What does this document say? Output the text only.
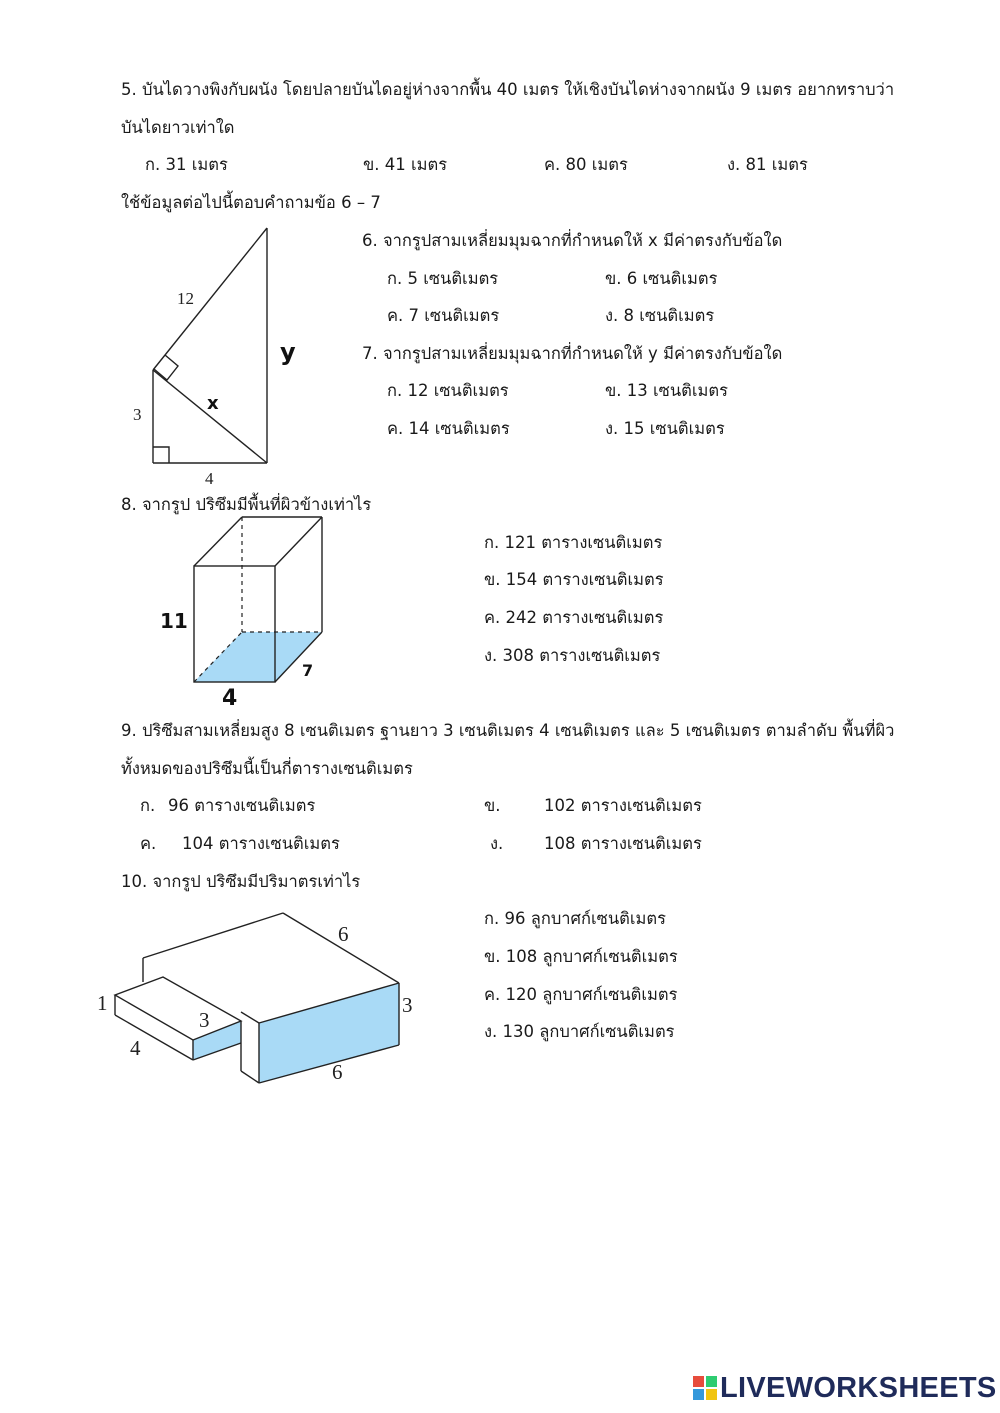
5. บันไดวางพิงกับผนัง โดยปลายบันไดอยู่ห่างจากพื้น 40 เมตร ให้เชิงบันไดห่างจากผนัง 9 เมตร อยากทราบว่า
บันไดยาวเท่าใด
ก. 31 เมตร	ข. 41 เมตร	ค. 80 เมตร	ง. 81 เมตร
ใช้ข้อมูลต่อไปนี้ตอบคำถามข้อ 6 – 7
12
y
x
3
4
6. จากรูปสามเหลี่ยมมุมฉากที่กำหนดให้ x มีค่าตรงกับข้อใด
ก. 5 เซนติเมตร	ข. 6 เซนติเมตร
ค. 7 เซนติเมตร	ง. 8 เซนติเมตร
7. จากรูปสามเหลี่ยมมุมฉากที่กำหนดให้ y มีค่าตรงกับข้อใด
ก. 12 เซนติเมตร	ข. 13 เซนติเมตร
ค. 14 เซนติเมตร	ง. 15 เซนติเมตร
8. จากรูป ปริซึมมีพื้นที่ผิวข้างเท่าไร
11
4
7
ก. 121 ตารางเซนติเมตร
ข. 154 ตารางเซนติเมตร
ค. 242 ตารางเซนติเมตร
ง. 308 ตารางเซนติเมตร
9. ปริซึมสามเหลี่ยมสูง 8 เซนติเมตร ฐานยาว 3 เซนติเมตร 4 เซนติเมตร และ 5 เซนติเมตร ตามลำดับ พื้นที่ผิว
ทั้งหมดของปริซึมนี้เป็นกี่ตารางเซนติเมตร
ก. 96 ตารางเซนติเมตร	ข.	102 ตารางเซนติเมตร
ค. 104 ตารางเซนติเมตร	ง. 108 ตารางเซนติเมตร
10. จากรูป ปริซึมมีปริมาตรเท่าไร
6
3
6
1
3
4
ก. 96 ลูกบาศก์เซนติเมตร
ข. 108 ลูกบาศก์เซนติเมตร
ค. 120 ลูกบาศก์เซนติเมตร
ง. 130 ลูกบาศก์เซนติเมตร
LIVEWORKSHEETS
